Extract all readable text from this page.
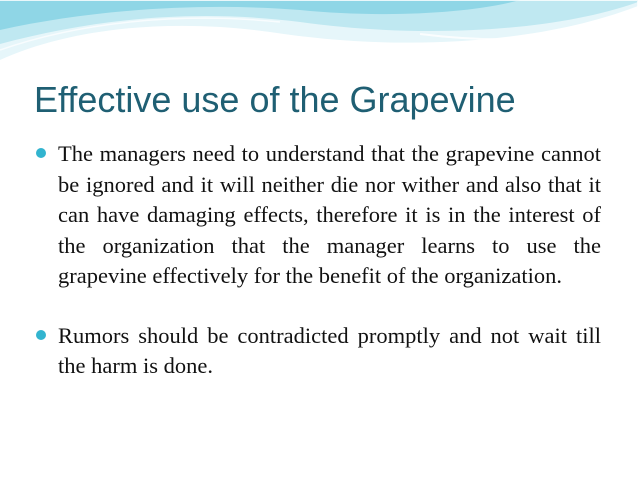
Effective use of the Grapevine
The managers need to understand that the grapevine cannot be ignored and it will neither die nor wither and also that it can have damaging effects, therefore it is in the interest of the organization that the manager learns to use the grapevine effectively for the benefit of the organization.
Rumors should be contradicted promptly and not wait till the harm is done.
